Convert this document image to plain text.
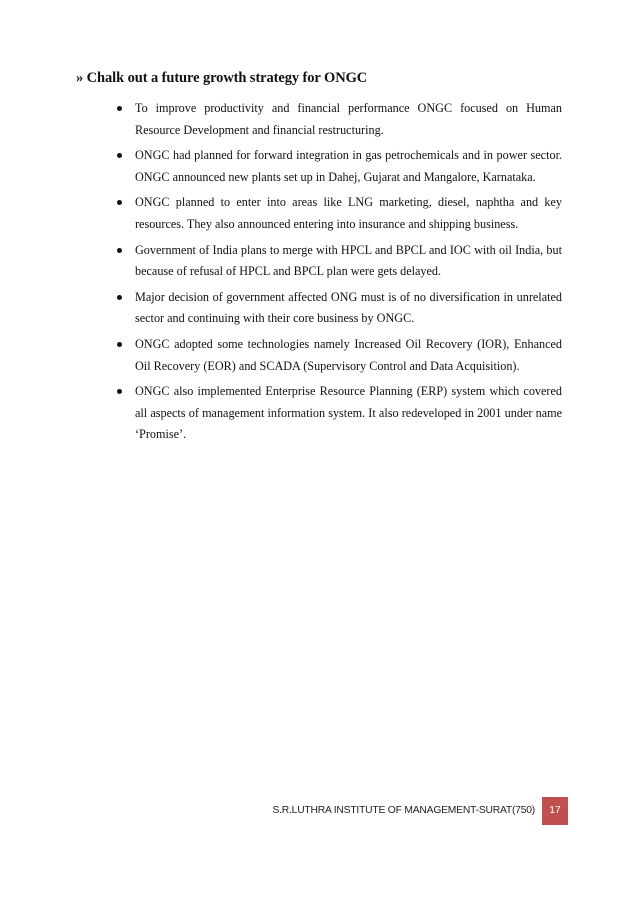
» Chalk out a future growth strategy for ONGC
To improve productivity and financial performance ONGC focused on Human Resource Development and financial restructuring.
ONGC had planned for forward integration in gas petrochemicals and in power sector. ONGC announced new plants set up in Dahej, Gujarat and Mangalore, Karnataka.
ONGC planned to enter into areas like LNG marketing, diesel, naphtha and key resources. They also announced entering into insurance and shipping business.
Government of India plans to merge with HPCL and BPCL and IOC with oil India, but because of refusal of HPCL and BPCL plan were gets delayed.
Major decision of government affected ONG must is of no diversification in unrelated sector and continuing with their core business by ONGC.
ONGC adopted some technologies namely Increased Oil Recovery (IOR), Enhanced Oil Recovery (EOR) and SCADA (Supervisory Control and Data Acquisition).
ONGC also implemented Enterprise Resource Planning (ERP) system which covered all aspects of management information system. It also redeveloped in 2001 under name ‘Promise’.
S.R.LUTHRA INSTITUTE OF MANAGEMENT-SURAT(750)	17
